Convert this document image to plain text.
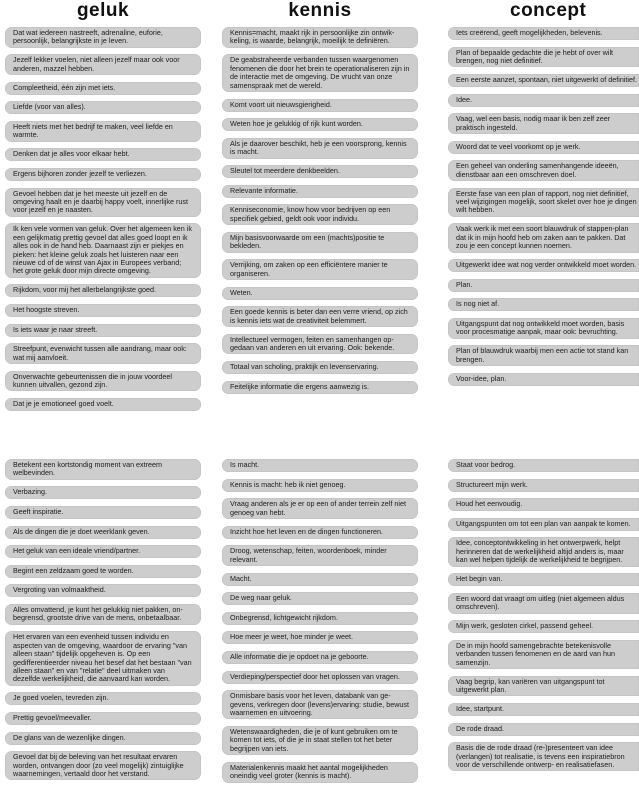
geluk
Dat wat iedereen nastreeft, adrenaline, euforie, persoonlijk, belangrijkste in je leven.
Jezelf lekker voelen, niet alleen jezelf maar ook voor anderen, mazzel hebben.
Compleetheid, één zijn met iets.
Liefde (voor van alles).
Heeft niets met het bedrijf te maken, veel liefde en warmte.
Denken dat je alles voor elkaar hebt.
Ergens bijhoren zonder jezelf te verliezen.
Gevoel hebben dat je het meeste uit jezelf en de omgeving haalt en je daarbij happy voelt, innerlijke rust voor jezelf en je naasten.
Ik ken vele vormen van geluk. Over het algemeen ken ik een gelijkmatig prettig gevoel dat alles goed loopt en ik alles ook in de hand heb. Daarnaast zijn er piekjes en pieken: het kleine geluk zoals het luisteren naar een nieuwe cd of de winst van Ajax in Europees verband; het grote geluk door mijn directe omgeving.
Rijkdom, voor mij het allerbelangrijkste goed.
Het hoogste streven.
Is iets waar je naar streeft.
Streefpunt, evenwicht tussen alle aandrang, maar ook: wat mij aanvloeit.
Onverwachte gebeurtenissen die in jouw voordeel kunnen uitvallen, gezond zijn.
Dat je je emotioneel goed voelt.
Betekent een kortstondig moment van extreem welbevinden.
Verbazing.
Geeft inspiratie.
Als de dingen die je doet weerklank geven.
Het geluk van een ideale vriend/partner.
Begint een zeldzaam goed te worden.
Vergroting van volmaaktheid.
Alles omvattend, je kunt het gelukkig niet pakken, on-begrensd, grootste drive van de mens, onbetaalbaar.
Het ervaren van een evenheid tussen individu en aspecten van de omgeving, waardoor de ervaring "van alleen staan" tijdelijk opgeheven is. Op een gedifferentieerder niveau het besef dat het bestaan "van alleen staan" en van "relatie" deel uitmaken van dezelfde werkelijkheid, die aanvaard kan worden.
Je goed voelen, tevreden zijn.
Prettig gevoel/meevaller.
De glans van de wezenlijke dingen.
Gevoel dat bij de beleving van het resultaat ervaren worden, ontvangen door (zo veel mogelijk) zintuiglijke waarnemingen, vertaald door het verstand.
kennis
Kennis=macht, maakt rijk in persoonlijke zin ontwik-keling, is waarde, belangrijk, moeilijk te definiëren.
De geabstraheerde verbanden tussen waargenomen fenomenen die door het brein te operationaliseren zijn in de interactie met de omgeving. De vrucht van onze samenspraak met de wereld.
Komt voort uit nieuwsgierigheid.
Weten hoe je gelukkig of rijk kunt worden.
Als je daarover beschikt, heb je een voorsprong, kennis is macht.
Sleutel tot meerdere denkbeelden.
Relevante informatie.
Kenniseconomie, know how voor bedrijven op een specifiek gebied, geldt ook voor individu.
Mijn basisvoorwaarde om een (machts)positie te bekleden.
Verrijking, om zaken op een efficiëntere manier te organiseren.
Weten.
Een goede kennis is beter dan een verre vriend, op zich is kennis iets wat de creativiteit belemmert.
Intellectueel vermogen, feiten en samenhangen op-gedaan van anderen en uit ervaring. Ook: bekende.
Totaal van scholing, praktijk en levenservaring.
Feitelijke informatie die ergens aanwezig is.
Is macht.
Kennis is macht: heb ik niet genoeg.
Vraag anderen als je er op een of ander terrein zelf niet genoeg van hebt.
Inzicht hoe het leven en de dingen functioneren.
Droog, wetenschap, feiten, woordenboek, minder relevant.
Macht.
De weg naar geluk.
Onbegrensd, lichtgewicht rijkdom.
Hoe meer je weet, hoe minder je weet.
Alle informatie die je opdoet na je geboorte.
Verdieping/perspectief door het oplossen van vragen.
Onmisbare basis voor het leven, databank van ge-gevens, verkregen door (levens)ervaring: studie, bewust waarnemen en uitvoering.
Wetenswaardigheden, die je of kunt gebruiken om te komen tot iets, of die je in staat stellen tot het beter begrijpen van iets.
Materialenkennis maakt het aantal mogelijkheden oneindig veel groter (kennis is macht).
concept
Iets creërend, geeft mogelijkheden, belevenis.
Plan of bepaalde gedachte die je hebt of over wilt brengen, nog niet definitief.
Een eerste aanzet, spontaan, niet uitgewerkt of definitief.
Idee.
Vaag, wel een basis, nodig maar ik ben zelf zeer praktisch ingesteld.
Woord dat te veel voorkomt op je werk.
Een geheel van onderling samenhangende ideeën, dienstbaar aan een omschreven doel.
Eerste fase van een plan of rapport, nog niet definitief, veel wijzigingen mogelijk, soort skelet over hoe je dingen wilt hebben.
Vaak werk ik met een soort blauwdruk of stappen-plan dat ik in mijn hoofd heb om zaken aan te pakken. Dat zou je een concept kunnen noemen.
Uitgewerkt idee wat nog verder ontwikkeld moet worden.
Plan.
Is nog niet af.
Uitgangspunt dat nog ontwikkeld moet worden, basis voor procesmatige aanpak, maar ook: bevruchting.
Plan of blauwdruk waarbij men een actie tot stand kan brengen.
Voor-idee, plan.
Staat voor bedrog.
Structureert mijn werk.
Houd het eenvoudig.
Uitgangspunten om tot een plan van aanpak te komen.
Idee, conceptontwikkeling in het ontwerpwerk, helpt herinneren dat de werkelijkheid altijd anders is, maar kan wel helpen tijdelijk de werkelijkheid te begrijpen.
Het begin van.
Een woord dat vraagt om uitleg (niet algemeen aldus omschreven).
Mijn werk, gesloten cirkel, passend geheel.
De in mijn hoofd samengebrachte betekenisvolle verbanden tussen fenomenen en de aard van hun samenzijn.
Vaag begrip, kan variëren van uitgangspunt tot uitgewerkt plan.
Idee, startpunt.
De rode draad.
Basis die de rode draad (re-)presenteert van idee (verlangen) tot realisatie, is tevens een inspiratiebron voor de verschillende ontwerp- en realisatiefasen.
